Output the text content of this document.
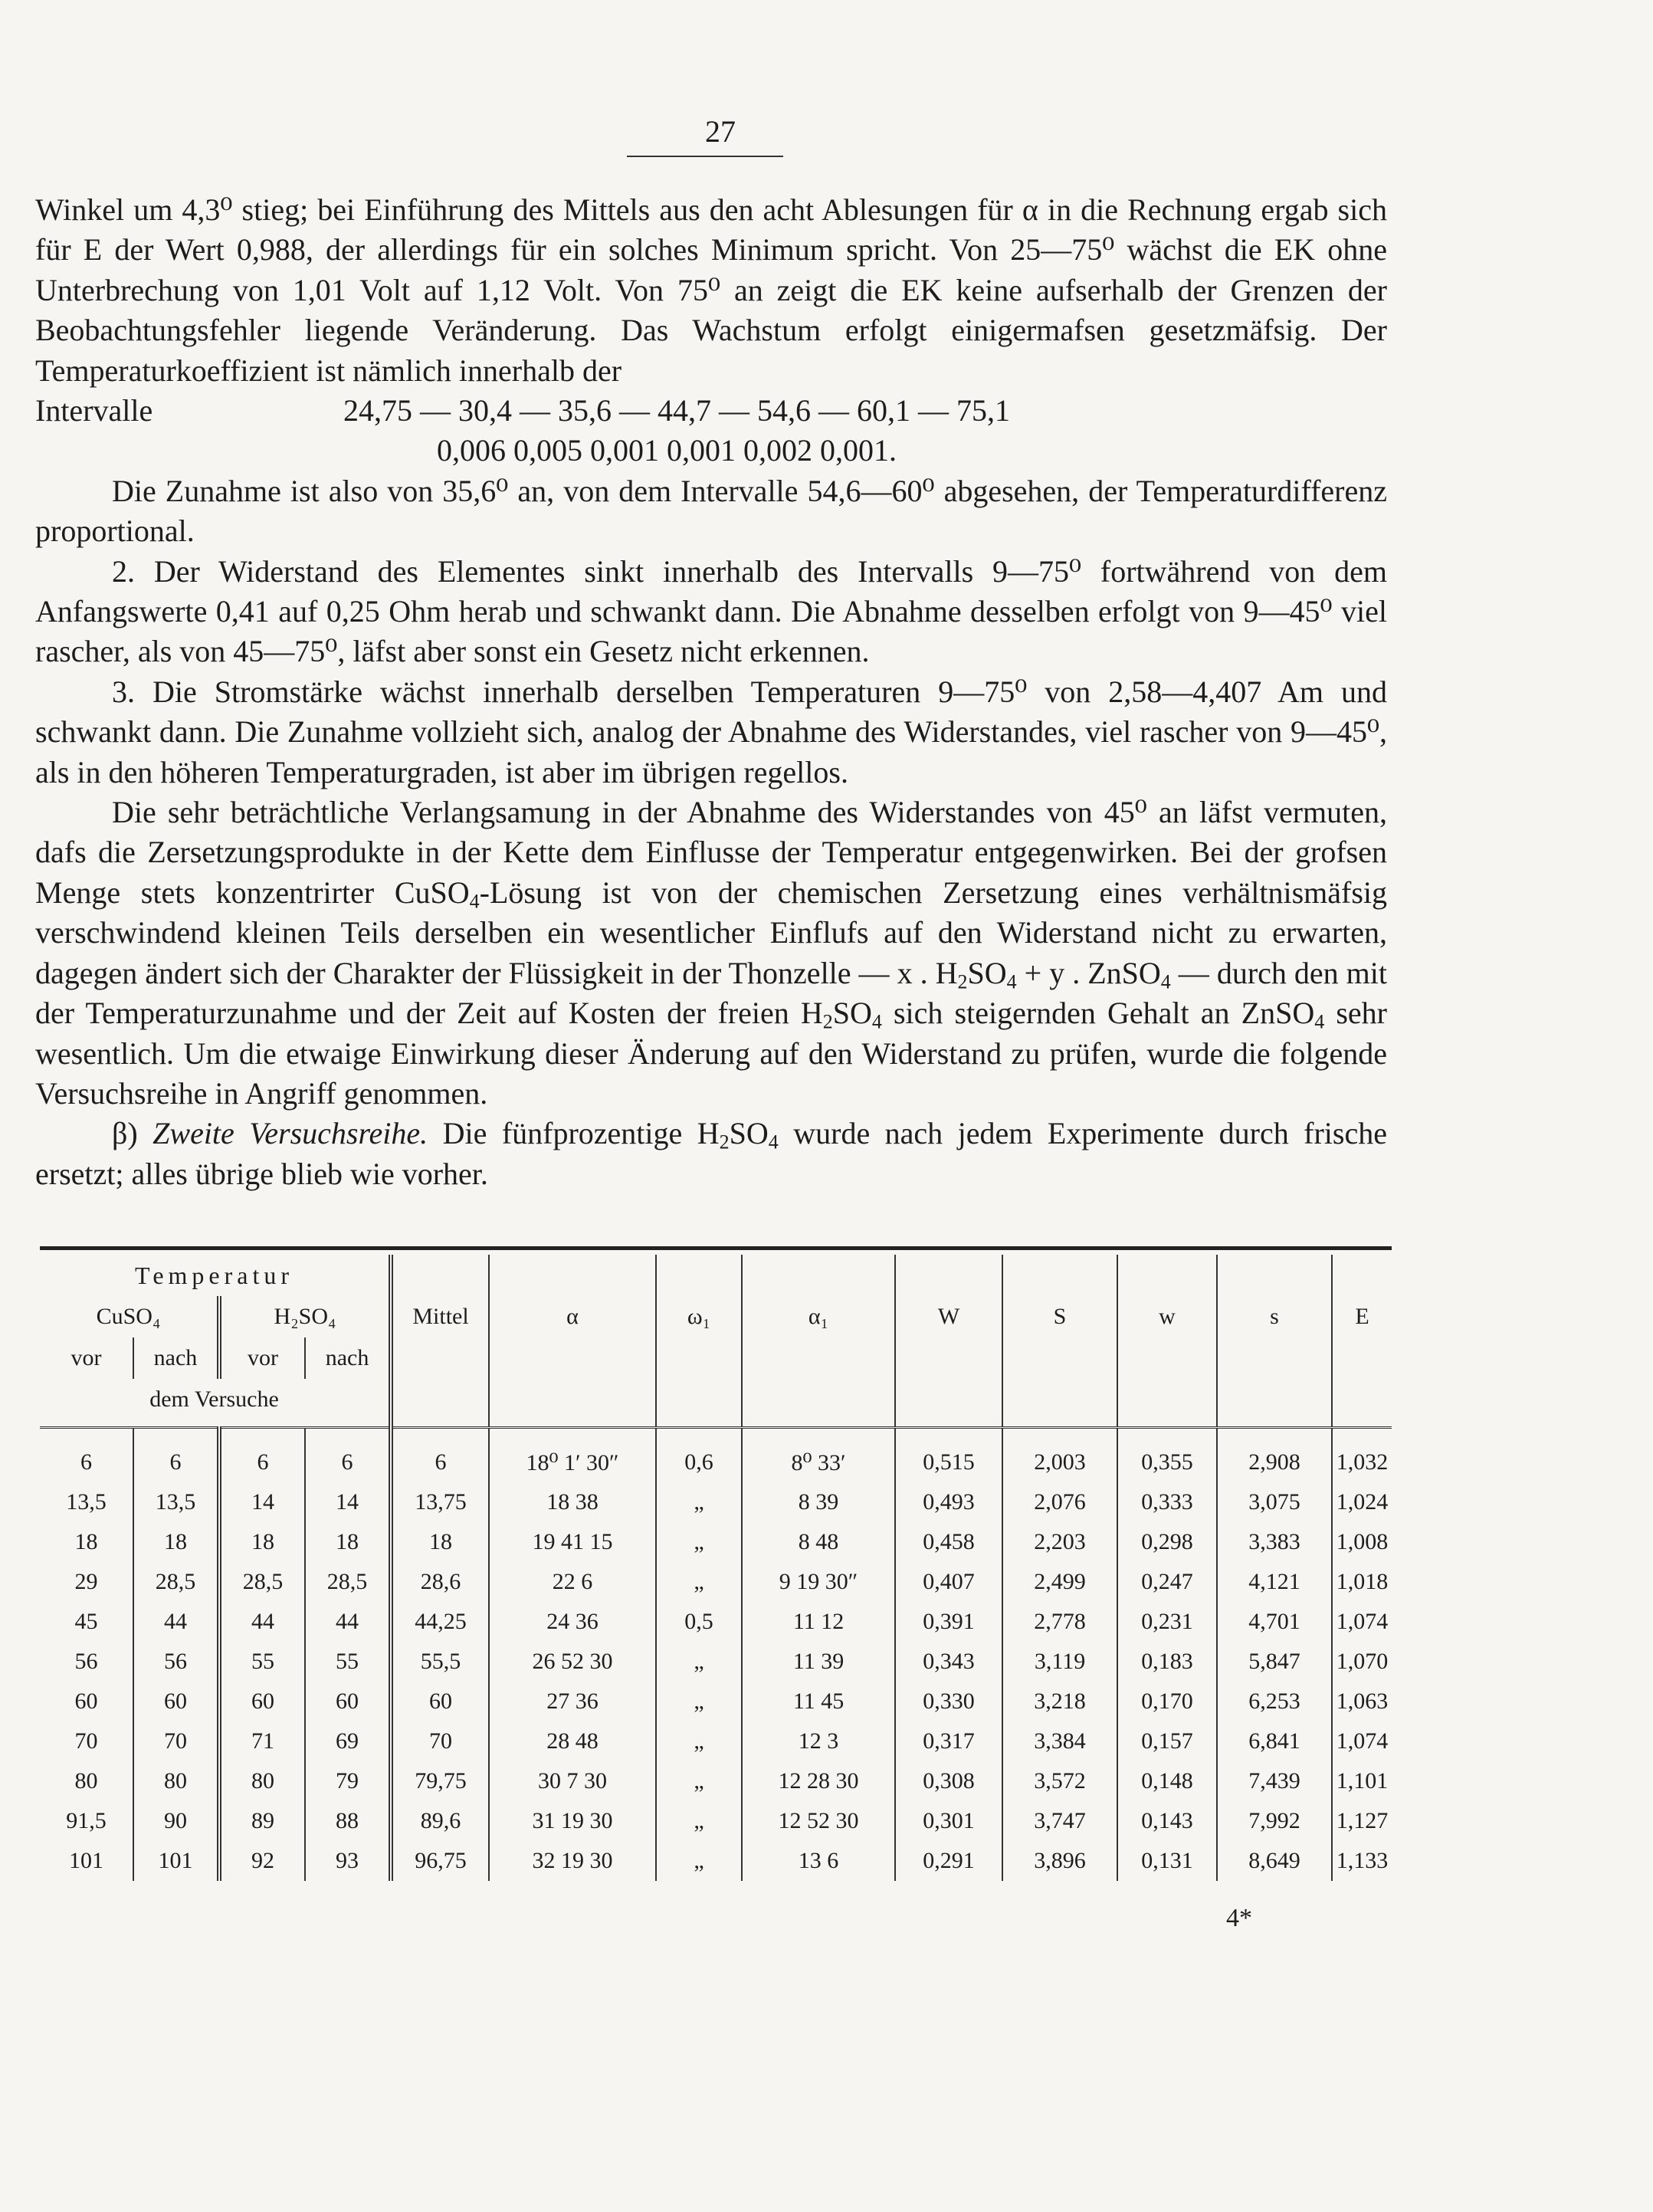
27

Winkel um 4,3⁰ stieg; bei Einführung des Mittels aus den acht Ablesungen für α in die Rechnung ergab sich für E der Wert 0,988, der allerdings für ein solches Minimum spricht. Von 25—75⁰ wächst die EK ohne Unterbrechung von 1,01 Volt auf 1,12 Volt. Von 75⁰ an zeigt die EK keine aufserhalb der Grenzen der Beobachtungsfehler liegende Veränderung. Das Wachstum erfolgt einigermafsen gesetzmäfsig. Der Temperaturkoeffizient ist nämlich innerhalb der

Intervalle	24,75 — 30,4 — 35,6 — 44,7 — 54,6 — 60,1 — 75,1
0,006 0,005 0,001 0,001 0,002 0,001.

Die Zunahme ist also von 35,6⁰ an, von dem Intervalle 54,6—60⁰ abgesehen, der Temperaturdifferenz proportional.

2. Der Widerstand des Elementes sinkt innerhalb des Intervalls 9—75⁰ fortwährend von dem Anfangswerte 0,41 auf 0,25 Ohm herab und schwankt dann. Die Abnahme desselben erfolgt von 9—45⁰ viel rascher, als von 45—75⁰, läfst aber sonst ein Gesetz nicht erkennen.

3. Die Stromstärke wächst innerhalb derselben Temperaturen 9—75⁰ von 2,58—4,407 Am und schwankt dann. Die Zunahme vollzieht sich, analog der Abnahme des Widerstandes, viel rascher von 9—45⁰, als in den höheren Temperaturgraden, ist aber im übrigen regellos.

Die sehr beträchtliche Verlangsamung in der Abnahme des Widerstandes von 45⁰ an läfst vermuten, dafs die Zersetzungsprodukte in der Kette dem Einflusse der Temperatur entgegenwirken. Bei der grofsen Menge stets konzentrirter CuSO$_4$-Lösung ist von der chemischen Zersetzung eines verhältnismäfsig verschwindend kleinen Teils derselben ein wesentlicher Einflufs auf den Widerstand nicht zu erwarten, dagegen ändert sich der Charakter der Flüssigkeit in der Thonzelle — x . $H_2SO_4 + y$ . ZnSO$_4$ — durch den mit der Temperaturzunahme und der Zeit auf Kosten der freien $H_2SO_4$ sich steigernden Gehalt an ZnSO$_4$ sehr wesentlich. Um die etwaige Einwirkung dieser Änderung auf den Widerstand zu prüfen, wurde die folgende Versuchsreihe in Angriff genommen.

β) Zweite Versuchsreihe. Die fünfprozentige $H_2SO_4$ wurde nach jedem Experimente durch frische ersetzt; alles übrige blieb wie vorher.

Temperatur				Mittel	α	ω₁	α₁	W	S	w	s	E
CuSO₄		H₂SO₄										
vor	nach	vor	nach									
dem Versuche												
6	6	6	6	6	18⁰ 1′ 30″	0,6	8⁰ 33′	0,515	2,003	0,355	2,908	1,032
13,5	13,5	14	14	13,75	18 38	„	8 39	0,493	2,076	0,333	3,075	1,024
18	18	18	18	18	19 41 15	„	8 48	0,458	2,203	0,298	3,383	1,008
29	28,5	28,5	28,5	28,6	22 6	„	9 19 30″	0,407	2,499	0,247	4,121	1,018
45	44	44	44	44,25	24 36	0,5	11 12	0,391	2,778	0,231	4,701	1,074
56	56	55	55	55,5	26 52 30	„	11 39	0,343	3,119	0,183	5,847	1,070
60	60	60	60	60	27 36	„	11 45	0,330	3,218	0,170	6,253	1,063
70	70	71	69	70	28 48	„	12 3	0,317	3,384	0,157	6,841	1,074
80	80	80	79	79,75	30 7 30	„	12 28 30	0,308	3,572	0,148	7,439	1,101
91,5	90	89	88	89,6	31 19 30	„	12 52 30	0,301	3,747	0,143	7,992	1,127
101	101	92	93	96,75	32 19 30	„	13 6	0,291	3,896	0,131	8,649	1,133
4*
